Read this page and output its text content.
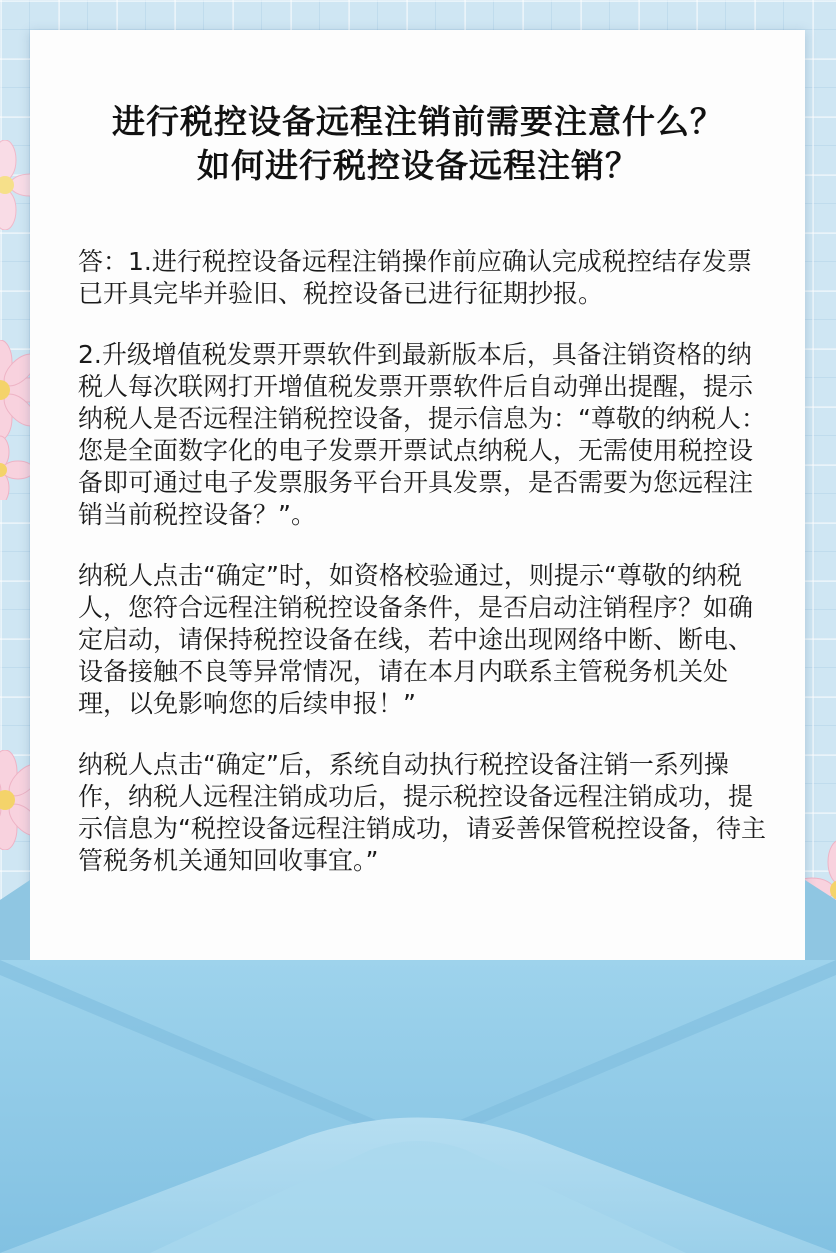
进行税控设备远程注销前需要注意什么？
如何进行税控设备远程注销？

答：1.进行税控设备远程注销操作前应确认完成税控结存发票已开具完毕并验旧、税控设备已进行征期抄报。

2.升级增值税发票开票软件到最新版本后，具备注销资格的纳税人每次联网打开增值税发票开票软件后自动弹出提醒，提示纳税人是否远程注销税控设备，提示信息为：“尊敬的纳税人：您是全面数字化的电子发票开票试点纳税人，无需使用税控设备即可通过电子发票服务平台开具发票，是否需要为您远程注销当前税控设备？”。

纳税人点击“确定”时，如资格校验通过，则提示“尊敬的纳税人，您符合远程注销税控设备条件，是否启动注销程序？如确定启动，请保持税控设备在线，若中途出现网络中断、断电、设备接触不良等异常情况，请在本月内联系主管税务机关处理，以免影响您的后续申报！”

纳税人点击“确定”后，系统自动执行税控设备注销一系列操作，纳税人远程注销成功后，提示税控设备远程注销成功，提示信息为“税控设备远程注销成功，请妥善保管税控设备，待主管税务机关通知回收事宜。”
